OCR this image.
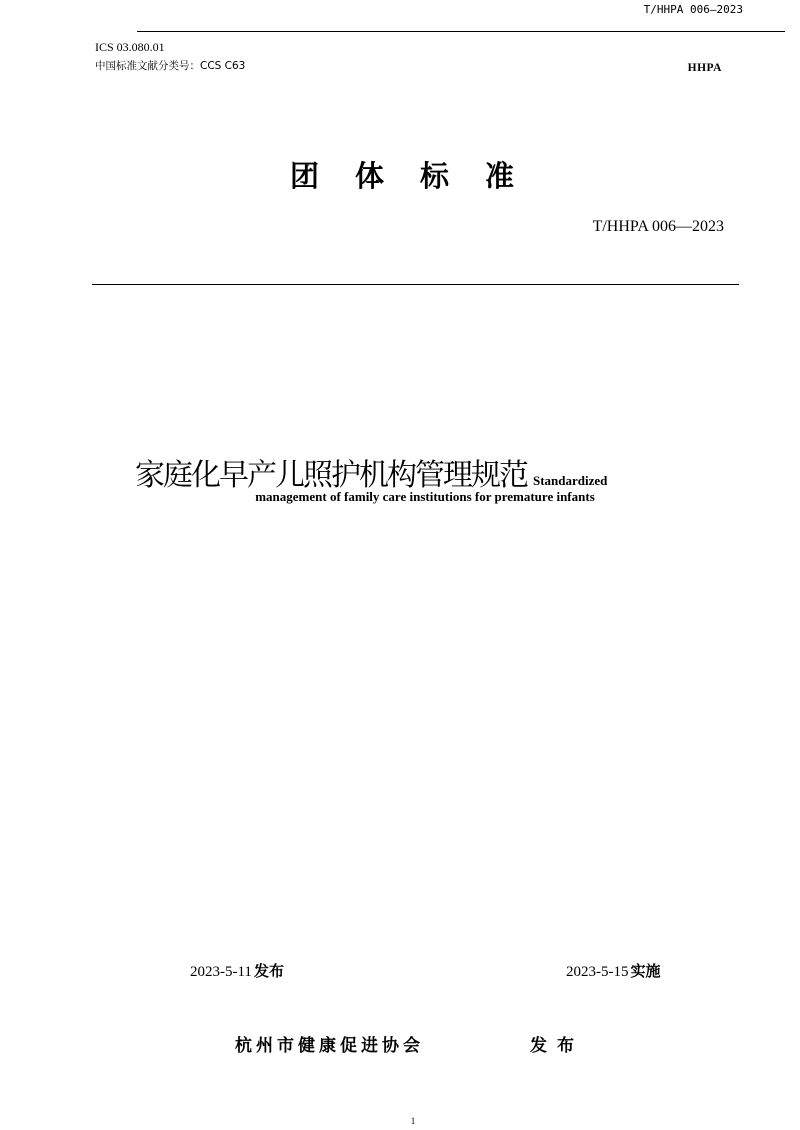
T/HHPA 006—2023
ICS 03.080.01
中国标准文献分类号：CCS C63	HHPA
团体标准
T/HHPA 006—2023
家庭化早产儿照护机构管理规范 Standardized
management of family care institutions for premature infants
2023-5-11 发布	2023-5-15 实施
杭州市健康促进协会	发布
1
